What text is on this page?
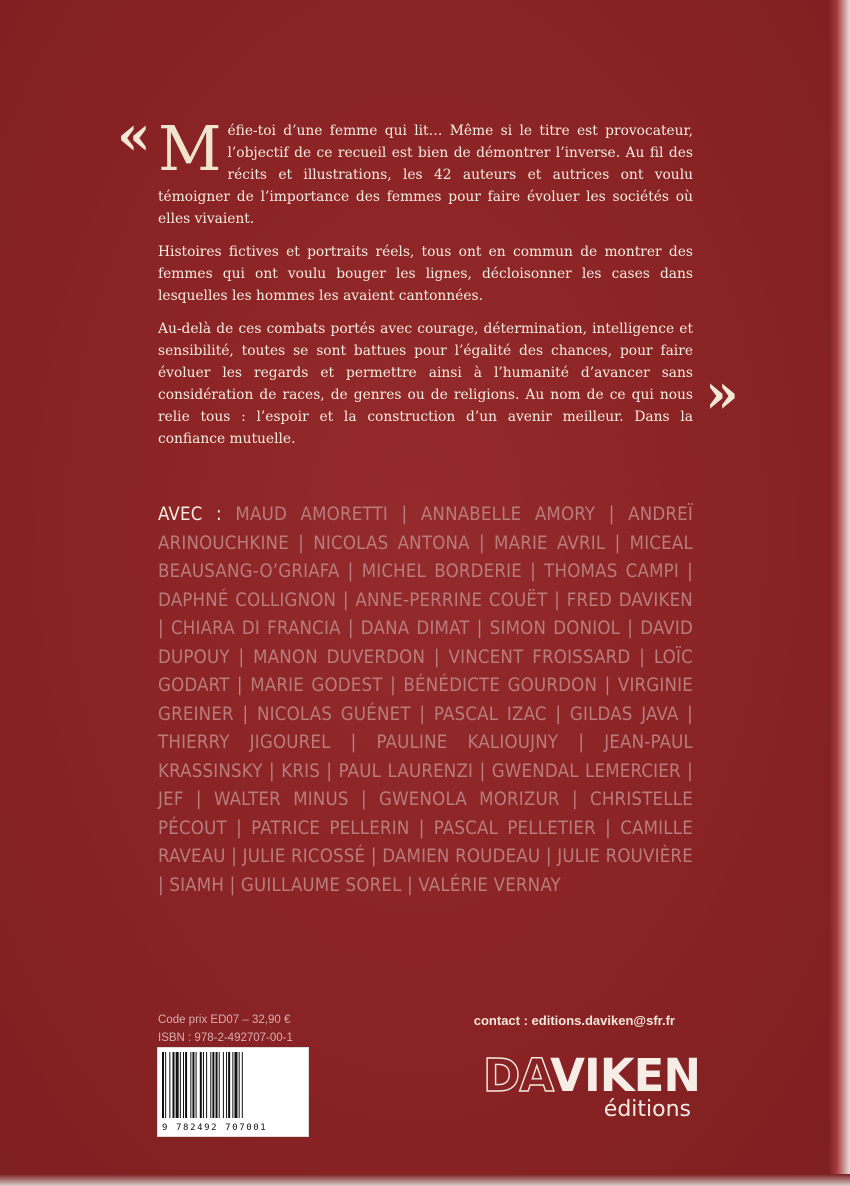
« Méfie-toi d’une femme qui lit… Même si le titre est provocateur, l’objectif de ce recueil est bien de démontrer l’inverse. Au fil des récits et illustrations, les 42 auteurs et autrices ont voulu témoigner de l’importance des femmes pour faire évoluer les sociétés où elles vivaient.

Histoires fictives et portraits réels, tous ont en commun de montrer des femmes qui ont voulu bouger les lignes, décloisonner les cases dans lesquelles les hommes les avaient cantonnées.

Au-delà de ces combats portés avec courage, détermination, intelligence et sensibilité, toutes se sont battues pour l’égalité des chances, pour faire évoluer les regards et permettre ainsi à l’humanité d’avancer sans considération de races, de genres ou de religions. Au nom de ce qui nous relie tous : l’espoir et la construction d’un avenir meilleur. Dans la confiance mutuelle.

»
AVEC : MAUD AMORETTI | ANNABELLE AMORY | ANDREÏ ARINOUCHKINE | NICOLAS ANTONA | MARIE AVRIL | MICEAL BEAUSANG-O’GRIAFA | MICHEL BORDERIE | THOMAS CAMPI | DAPHNÉ COLLIGNON | ANNE-PERRINE COUËT | FRED DAVIKEN | CHIARA DI FRANCIA | DANA DIMAT | SIMON DONIOL | DAVID DUPOUY | MANON DUVERDON | VINCENT FROISSARD | LOÏC GODART | MARIE GODEST | BÉNÉDICTE GOURDON | VIRGINIE GREINER | NICOLAS GUÉNET | PASCAL IZAC | GILDAS JAVA | THIERRY JIGOUREL | PAULINE KALIOUJNY | JEAN-PAUL KRASSINSKY | KRIS | PAUL LAURENZI | GWENDAL LEMERCIER | JEF | WALTER MINUS | GWENOLA MORIZUR | CHRISTELLE PÉCOUT | PATRICE PELLERIN | PASCAL PELLETIER | CAMILLE RAVEAU | JULIE RICOSSÉ | DAMIEN ROUDEAU | JULIE ROUVIÈRE | SIAMH | GUILLAUME SOREL | VALÉRIE VERNAY
Code prix ED07 – 32,90 €
ISBN : 978-2-492707-00-1
9 782492 707001
contact : editions.daviken@sfr.fr
DAVIKEN
éditions
